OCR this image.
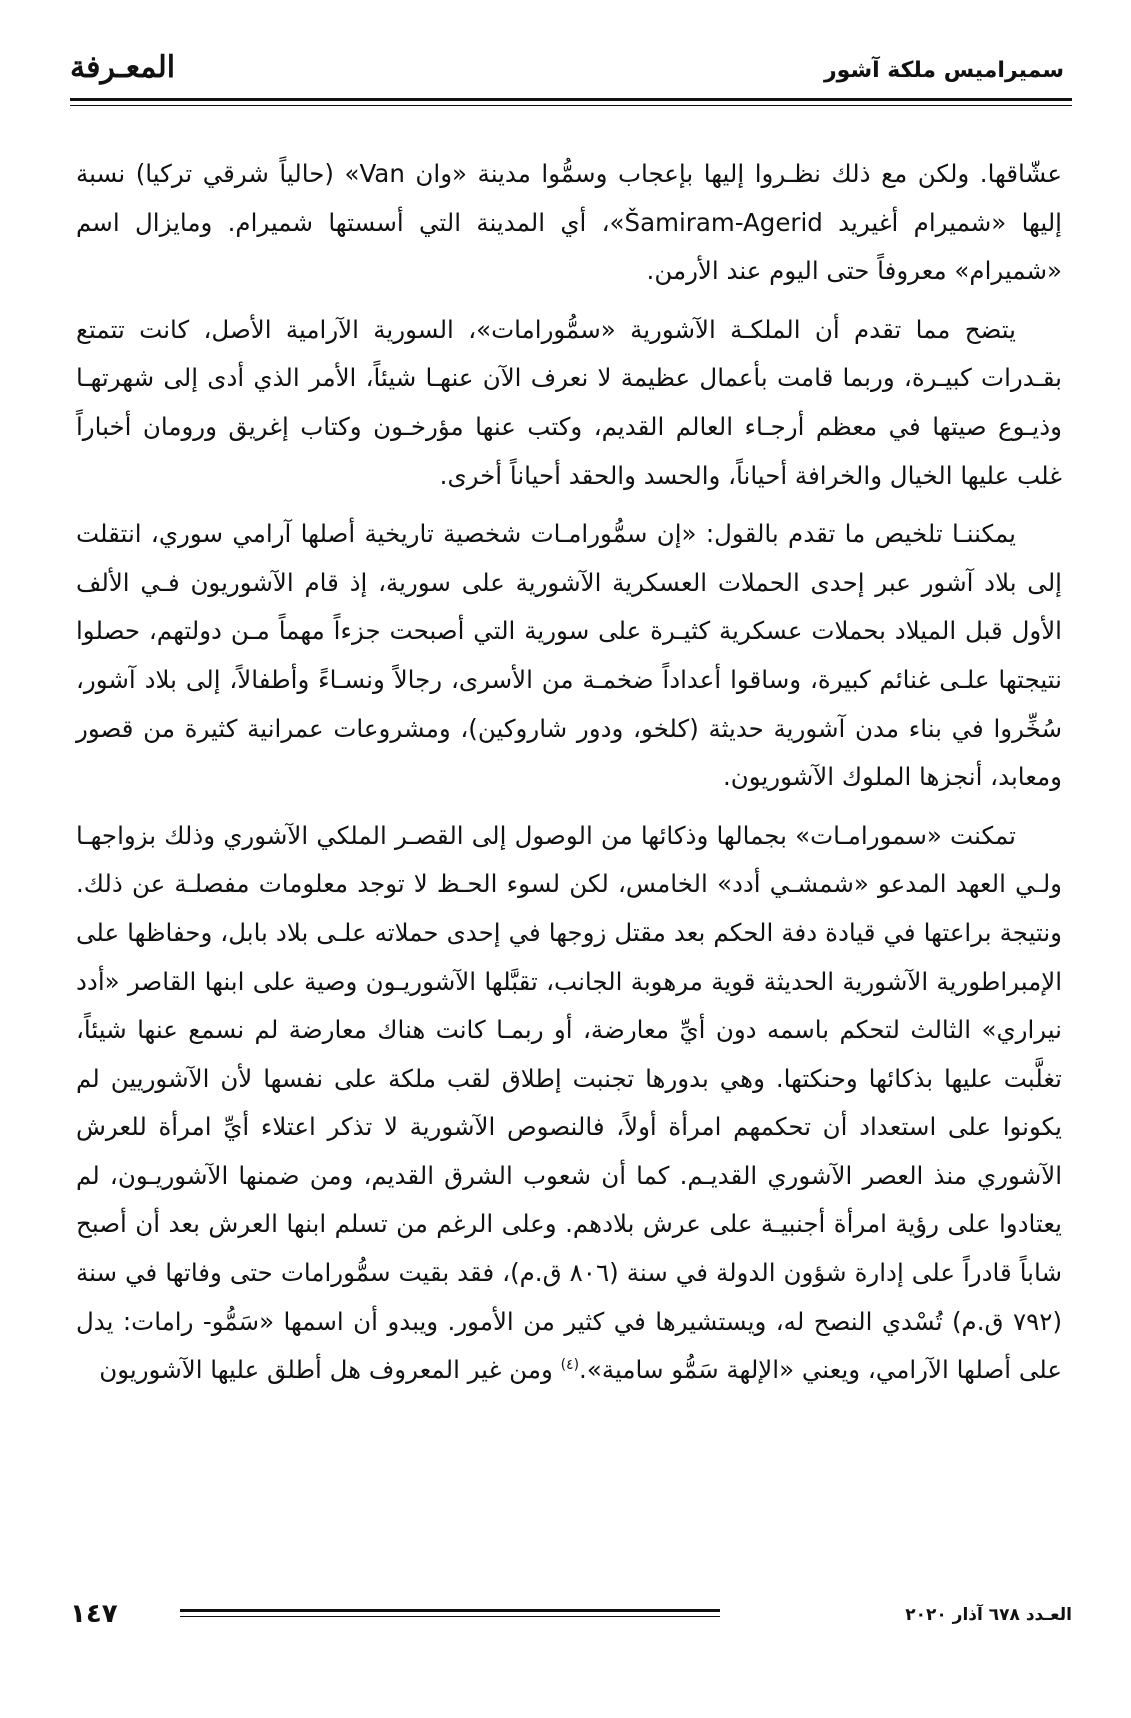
المعـرفة	سميراميس ملكة آشور

عشّاقها. ولكن مع ذلك نظـروا إليها بإعجاب وسمُّوا مدينة «وان Van» (حالياً شرقي تركيا) نسبة إليها «شميرام أغيريد Šamiram-Agerid»، أي المدينة التي أسستها شميرام. ومايزال اسم «شميرام» معروفاً حتى اليوم عند الأرمن.

يتضح مما تقدم أن الملكـة الآشورية «سمُّورامات»، السورية الآرامية الأصل، كانت تتمتع بقـدرات كبيـرة، وربما قامت بأعمال عظيمة لا نعرف الآن عنهـا شيئاً، الأمر الذي أدى إلى شهرتهـا وذيـوع صيتها في معظم أرجـاء العالم القديم، وكتب عنها مؤرخـون وكتاب إغريق ورومان أخباراً غلب عليها الخيال والخرافة أحياناً، والحسد والحقد أحياناً أخرى.

يمكننـا تلخيص ما تقدم بالقول: «إن سمُّورامـات شخصية تاريخية أصلها آرامي سوري، انتقلت إلى بلاد آشور عبر إحدى الحملات العسكرية الآشورية على سورية، إذ قام الآشوريون فـي الألف الأول قبل الميلاد بحملات عسكرية كثيـرة على سورية التي أصبحت جزءاً مهماً مـن دولتهم، حصلوا نتيجتها علـى غنائم كبيرة، وساقوا أعداداً ضخمـة من الأسرى، رجالاً ونسـاءً وأطفالاً، إلى بلاد آشور، سُخِّروا في بناء مدن آشورية حديثة (كلخو، ودور شاروكين)، ومشروعات عمرانية كثيرة من قصور ومعابد، أنجزها الملوك الآشوريون.

تمكنت «سمورامـات» بجمالها وذكائها من الوصول إلى القصـر الملكي الآشوري وذلك بزواجهـا ولـي العهد المدعو «شمشـي أدد» الخامس، لكن لسوء الحـظ لا توجد معلومات مفصلـة عن ذلك. ونتيجة براعتها في قيادة دفة الحكم بعد مقتل زوجها في إحدى حملاته علـى بلاد بابل، وحفاظها على الإمبراطورية الآشورية الحديثة قوية مرهوبة الجانب، تقبَّلها الآشوريـون وصية على ابنها القاصر «أدد نيراري» الثالث لتحكم باسمه دون أيِّ معارضة، أو ربمـا كانت هناك معارضة لم نسمع عنها شيئاً، تغلَّبت عليها بذكائها وحنكتها. وهي بدورها تجنبت إطلاق لقب ملكة على نفسها لأن الآشوريين لم يكونوا على استعداد أن تحكمهم امرأة أولاً، فالنصوص الآشورية لا تذكر اعتلاء أيِّ امرأة للعرش الآشوري منذ العصر الآشوري القديـم. كما أن شعوب الشرق القديم، ومن ضمنها الآشوريـون، لم يعتادوا على رؤية امرأة أجنبيـة على عرش بلادهم. وعلى الرغم من تسلم ابنها العرش بعد أن أصبح شاباً قادراً على إدارة شؤون الدولة في سنة (٨٠٦ ق.م)، فقد بقيت سمُّورامات حتى وفاتها في سنة (٧٩٢ ق.م) تُسْدي النصح له، ويستشيرها في كثير من الأمور. ويبدو أن اسمها «سَمُّو- رامات: يدل على أصلها الآرامي، ويعني «الإلهة سَمُّو سامية».$^{(٤)}$ ومن غير المعروف هل أطلق عليها الآشوريون

١٤٧	العـدد ٦٧٨ آذار ٢٠٢٠
